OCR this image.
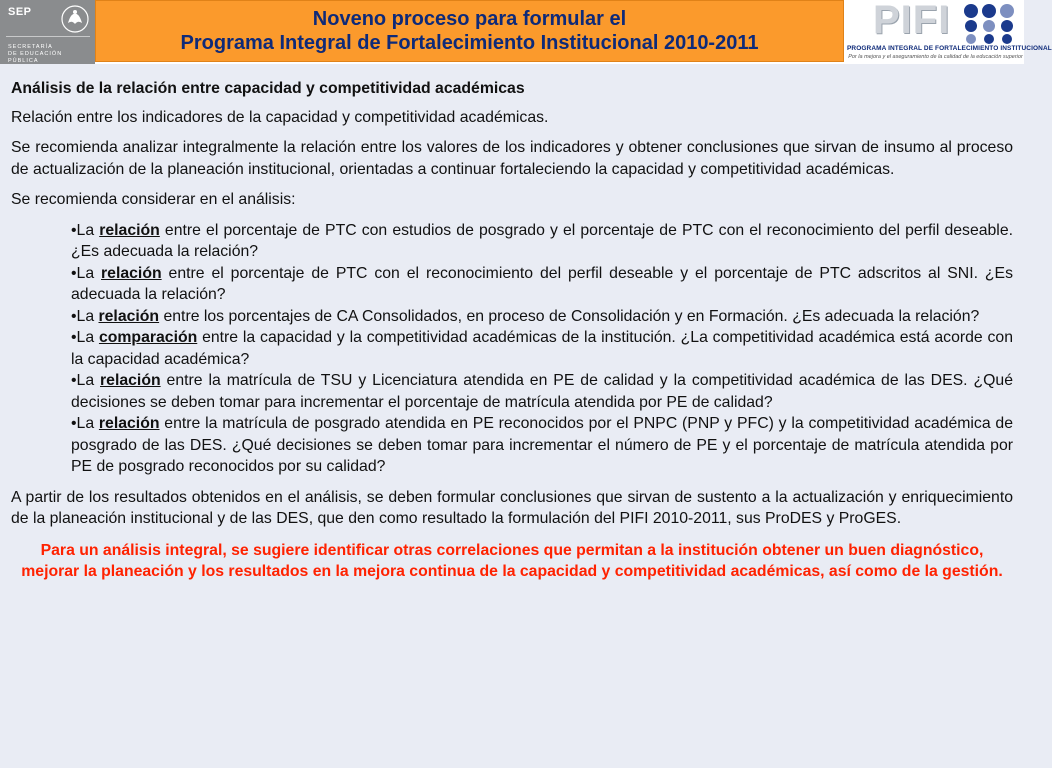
SEP
SECRETARÍA DE EDUCACIÓN PÚBLICA
Noveno proceso para formular el
Programa Integral de Fortalecimiento Institucional 2010-2011
PIFI
PROGRAMA INTEGRAL DE FORTALECIMIENTO INSTITUCIONAL
Por la mejora y el aseguramiento de la calidad de la educación superior

Análisis de la relación entre capacidad y competitividad académicas

Relación entre los indicadores de la capacidad y competitividad académicas.

Se recomienda analizar integralmente la relación entre los valores de los indicadores y obtener conclusiones que sirvan de insumo al proceso de actualización de la planeación institucional, orientadas a continuar fortaleciendo la capacidad y competitividad académicas.

Se recomienda considerar en el análisis:

•La relación entre el porcentaje de PTC con estudios de posgrado y el porcentaje de PTC con el reconocimiento del perfil deseable. ¿Es adecuada la relación?

•La relación entre el porcentaje de PTC con el reconocimiento del perfil deseable y el porcentaje de PTC adscritos al SNI. ¿Es adecuada la relación?

•La relación entre los porcentajes de CA Consolidados, en proceso de Consolidación y en Formación. ¿Es adecuada la relación?

•La comparación entre la capacidad y la competitividad académicas de la institución. ¿La competitividad académica está acorde con la capacidad académica?

•La relación entre la matrícula de TSU y Licenciatura atendida en PE de calidad y la competitividad académica de las DES. ¿Qué decisiones se deben tomar para incrementar el porcentaje de matrícula atendida por PE de calidad?

•La relación entre la matrícula de posgrado atendida en PE reconocidos por el PNPC (PNP y PFC) y la competitividad académica de posgrado de las DES. ¿Qué decisiones se deben tomar para incrementar el número de PE y el porcentaje de matrícula atendida por PE de posgrado reconocidos por su calidad?

A partir de los resultados obtenidos en el análisis, se deben formular conclusiones que sirvan de sustento a la actualización y enriquecimiento de la planeación institucional y de las DES, que den como resultado la formulación del PIFI 2010-2011, sus ProDES y ProGES.

Para un análisis integral, se sugiere identificar otras correlaciones que permitan a la institución obtener un buen diagnóstico, mejorar la planeación y los resultados en la mejora continua de la capacidad y competitividad académicas, así como de la gestión.
